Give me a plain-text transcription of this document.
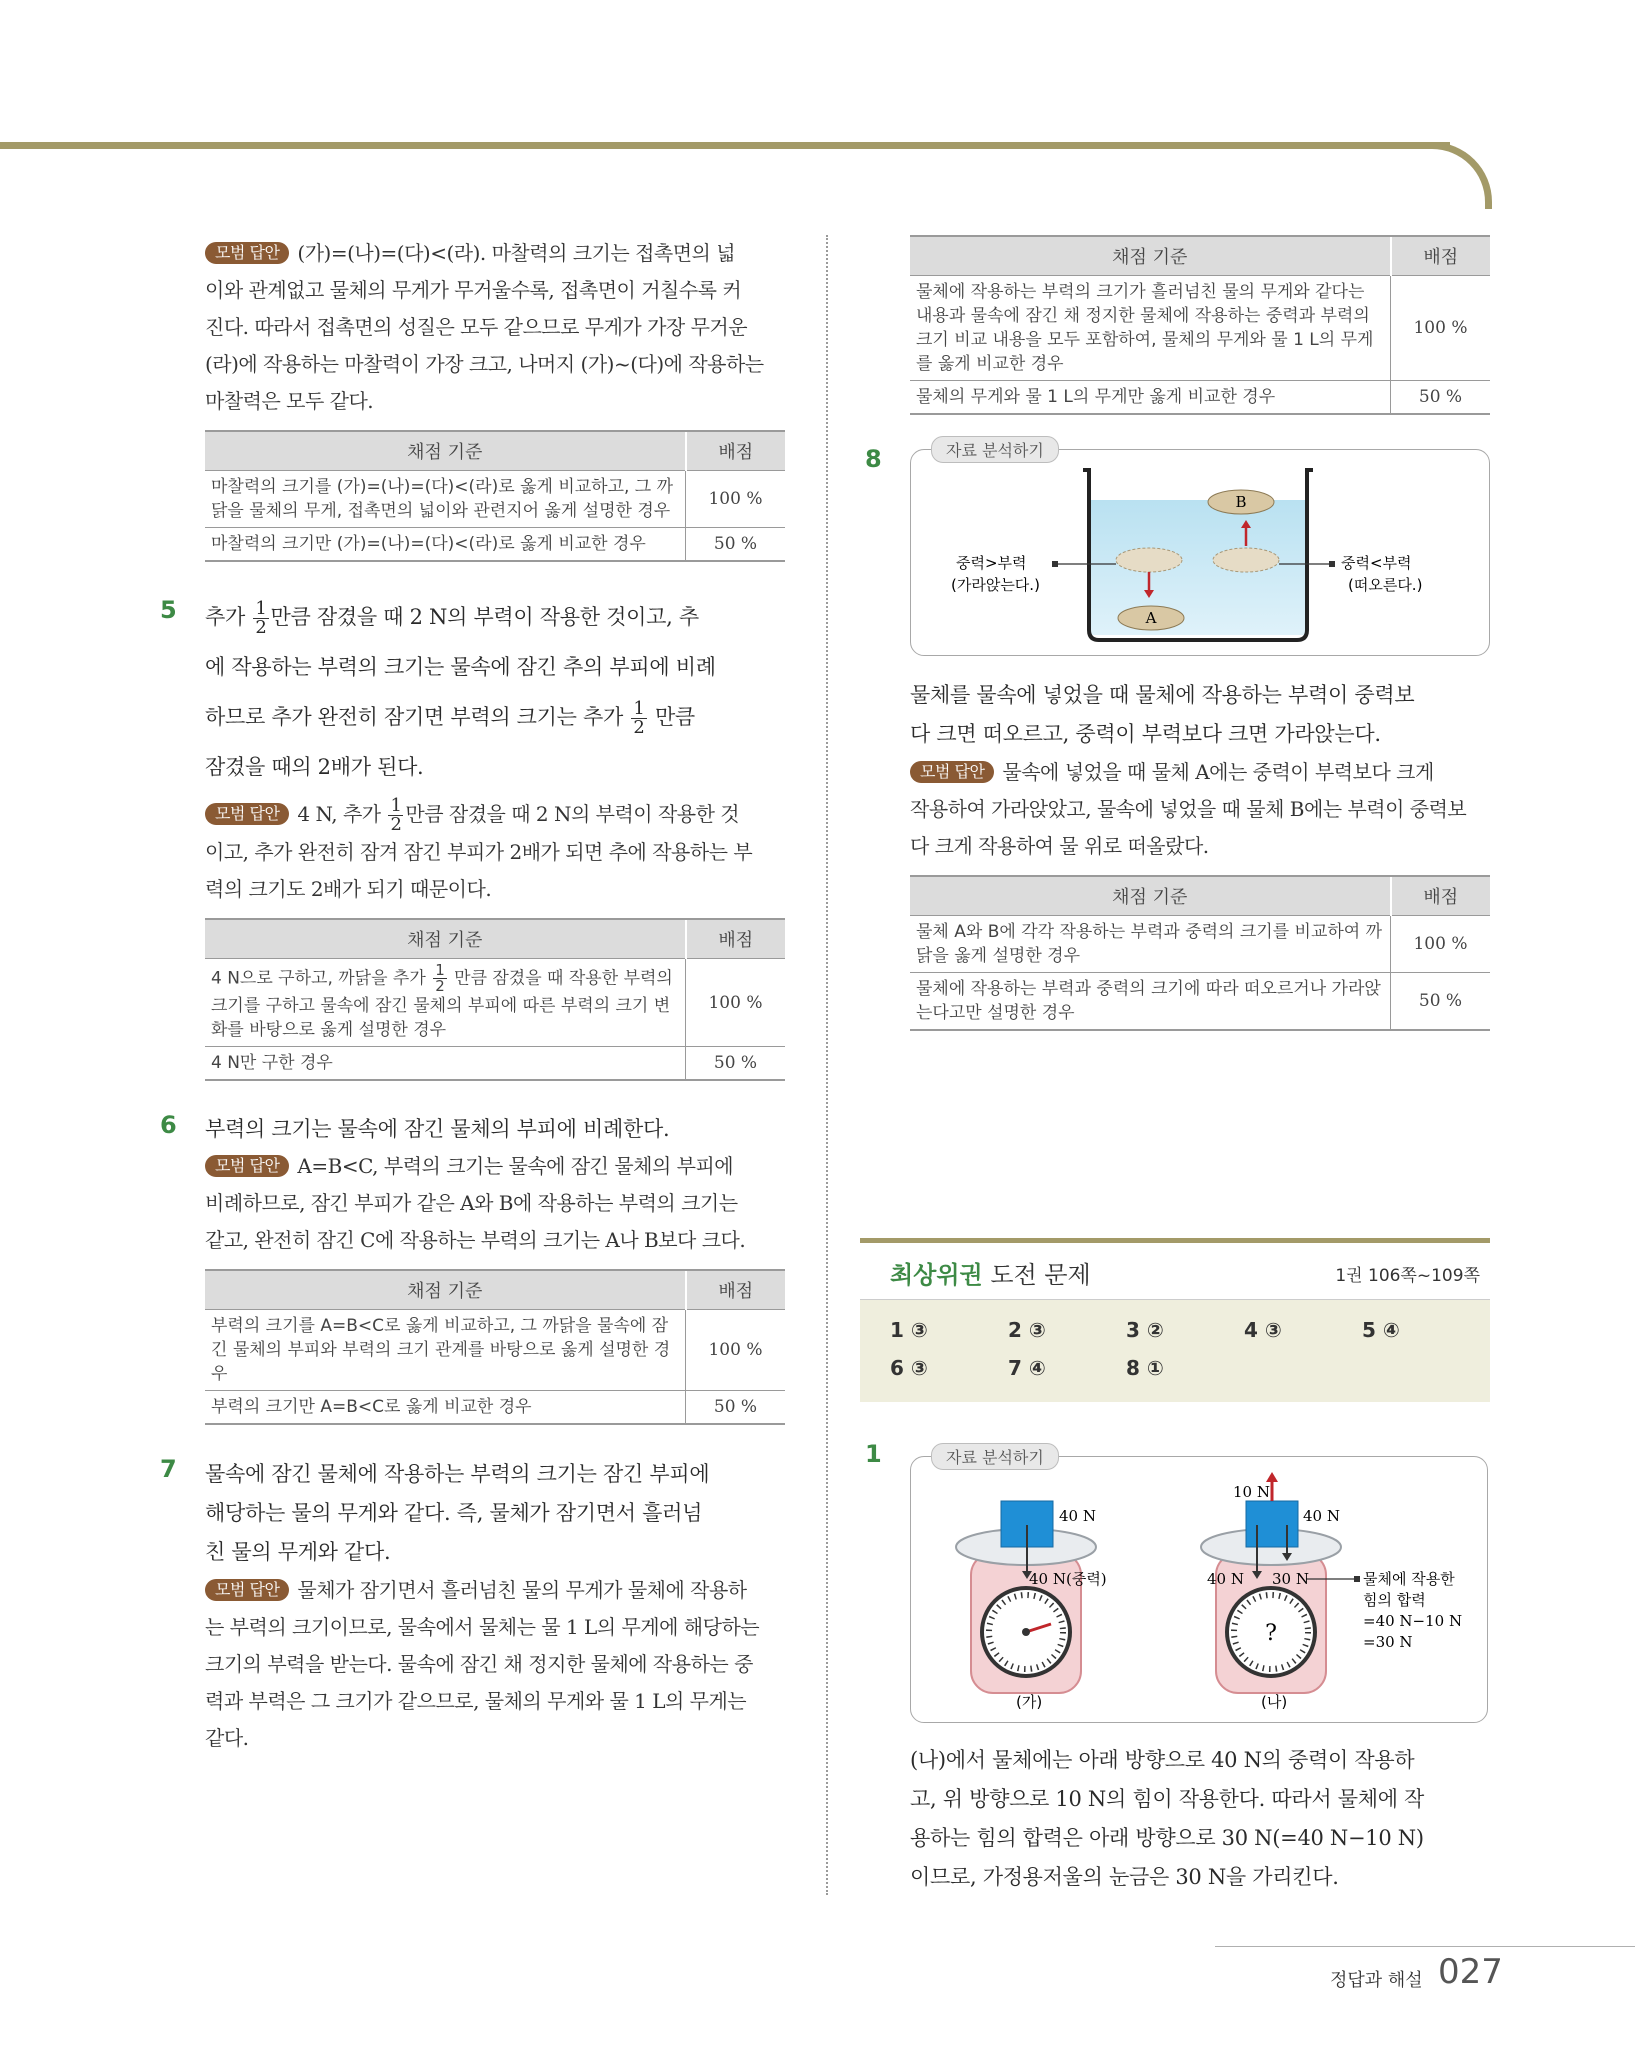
모범 답안 (가)=(나)=(다)<(라). 마찰력의 크기는 접촉면의 넓

이와 관계없고 물체의 무게가 무거울수록, 접촉면이 거칠수록 커

진다. 따라서 접촉면의 성질은 모두 같으므로 무게가 가장 무거운

(라)에 작용하는 마찰력이 가장 크고, 나머지 (가)~(다)에 작용하는

마찰력은 모두 같다.

채점 기준	배점
마찰력의 크기를 (가)=(나)=(다)<(라)로 옳게 비교하고, 그 까닭을 물체의 무게, 접촉면의 넓이와 관련지어 옳게 설명한 경우	100 %
마찰력의 크기만 (가)=(나)=(다)<(라)로 옳게 비교한 경우	50 %
5 추가 $\frac{1}{2}$ 만큼 잠겼을 때 2 N의 부력이 작용한 것이고, 추

에 작용하는 부력의 크기는 물속에 잠긴 추의 부피에 비례

하므로 추가 완전히 잠기면 부력의 크기는 추가 $\frac{1}{2}$ 만큼

잠겼을 때의 2배가 된다.

모범 답안 4 N, 추가 $\frac{1}{2}$ 만큼 잠겼을 때 2 N의 부력이 작용한 것

이고, 추가 완전히 잠겨 잠긴 부피가 2배가 되면 추에 작용하는 부

력의 크기도 2배가 되기 때문이다.

채점 기준	배점
4 N으로 구하고, 까닭을 추가 $\frac{1}{2}$ 만큼 잠겼을 때 작용한 부력의 크기를 구하고 물속에 잠긴 물체의 부피에 따른 부력의 크기 변화를 바탕으로 옳게 설명한 경우	100 %
4 N만 구한 경우	50 %
6 부력의 크기는 물속에 잠긴 물체의 부피에 비례한다.

모범 답안 A=B<C, 부력의 크기는 물속에 잠긴 물체의 부피에

비례하므로, 잠긴 부피가 같은 A와 B에 작용하는 부력의 크기는

같고, 완전히 잠긴 C에 작용하는 부력의 크기는 A나 B보다 크다.

채점 기준	배점
부력의 크기를 A=B<C로 옳게 비교하고, 그 까닭을 물속에 잠긴 물체의 부피와 부력의 크기 관계를 바탕으로 옳게 설명한 경우	100 %
부력의 크기만 A=B<C로 옳게 비교한 경우	50 %
7 물속에 잠긴 물체에 작용하는 부력의 크기는 잠긴 부피에

해당하는 물의 무게와 같다. 즉, 물체가 잠기면서 흘러넘

친 물의 무게와 같다.

모범 답안 물체가 잠기면서 흘러넘친 물의 무게가 물체에 작용하

는 부력의 크기이므로, 물속에서 물체는 물 1 L의 무게에 해당하는

크기의 부력을 받는다. 물속에 잠긴 채 정지한 물체에 작용하는 중

력과 부력은 그 크기가 같으므로, 물체의 무게와 물 1 L의 무게는

같다.

채점 기준	배점
물체에 작용하는 부력의 크기가 흘러넘친 물의 무게와 같다는 내용과 물속에 잠긴 채 정지한 물체에 작용하는 중력과 부력의 크기 비교 내용을 모두 포함하여, 물체의 무게와 물 1 L의 무게를 옳게 비교한 경우	100 %
물체의 무게와 물 1 L의 무게만 옳게 비교한 경우	50 %
8	자료 분석하기
B
A
중력>부력
(가라앉는다.)
중력<부력
(떠오른다.)

물체를 물속에 넣었을 때 물체에 작용하는 부력이 중력보

다 크면 떠오르고, 중력이 부력보다 크면 가라앉는다.

모범 답안 물속에 넣었을 때 물체 A에는 중력이 부력보다 크게

작용하여 가라앉았고, 물속에 넣었을 때 물체 B에는 부력이 중력보

다 크게 작용하여 물 위로 떠올랐다.

채점 기준	배점
물체 A와 B에 각각 작용하는 부력과 중력의 크기를 비교하여 까닭을 옳게 설명한 경우	100 %
물체에 작용하는 부력과 중력의 크기에 따라 떠오르거나 가라앉는다고만 설명한 경우	50 %
최상위권 도전 문제	1권 106쪽~109쪽
1 ③	2 ③	3 ②	4 ③	5 ④
6 ③	7 ④	8 ①
1	자료 분석하기
40 N
40 N(중력)
(가)
10 N
40 N
40 N 30 N
?
(나)
물체에 작용한
힘의 합력
=40 N−10 N
=30 N

(나)에서 물체에는 아래 방향으로 40 N의 중력이 작용하

고, 위 방향으로 10 N의 힘이 작용한다. 따라서 물체에 작

용하는 힘의 합력은 아래 방향으로 30 N(=40 N−10 N)

이므로, 가정용저울의 눈금은 30 N을 가리킨다.

정답과 해설 027
